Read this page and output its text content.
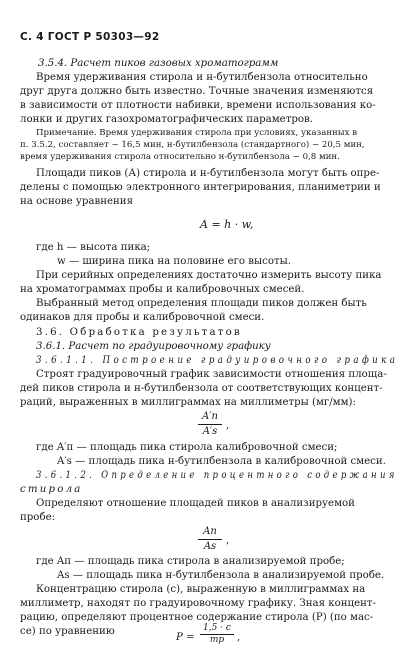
С. 4 ГОСТ Р 50303—92
3.5.4. Расчет пиков газовых хроматограмм
Время удерживания стирола и н-бутилбензола относительно
друг друга должно быть известно. Точные значения изменяются
в зависимости от плотности набивки, времени использования ко-
лонки и других газохроматографических параметров.
Примечание. Время удерживания стирола при условиях, указанных в
п. 3.5.2, составляет ~ 16,5 мин, н-бутилбензола (стандартного) ~ 20,5 мин,
время удерживания стирола относительно н-бутилбензола ~ 0,8 мин.
Площади пиков (А) стирола и н-бутилбензола могут быть опре-
делены с помощью электронного интегрирования, планиметрии и
на основе уравнения
A = h · w,
где h — высота пика;
w — ширина пика на половине его высоты.
При серийных определениях достаточно измерить высоту пика
на хроматограммах пробы и калибровочных смесей.
Выбранный метод определения площади пиков должен быть
одинаков для пробы и калибровочной смеси.
3.6. Обработка результатов
3.6.1. Расчет по градуировочному графику
3.6.1.1. Построение градуировочного графика
Строят градуировочный график зависимости отношения площа-
дей пиков стирола и н-бутилбензола от соответствующих концент-
раций, выраженных в миллиграммах на миллиметры (мг/мм):
A′п
A′s
,
где A′п — площадь пика стирола калибровочной смеси;
A′s — площадь пика н-бутилбензола в калибровочной смеси.
3.6.1.2. Определение процентного содержания
стирола
Определяют отношение площадей пиков в анализируемой
пробе:
Aп
As
,
где Aп — площадь пика стирола в анализируемой пробе;
As — площадь пика н-бутилбензола в анализируемой пробе.
Концентрацию стирола (с), выраженную в миллиграммах на
миллиметр, находят по градуировочному графику. Зная концент-
рацию, определяют процентное содержание стирола (Р) (по мас-
се) по уравнению
P =
1,5 · c
mp	,
